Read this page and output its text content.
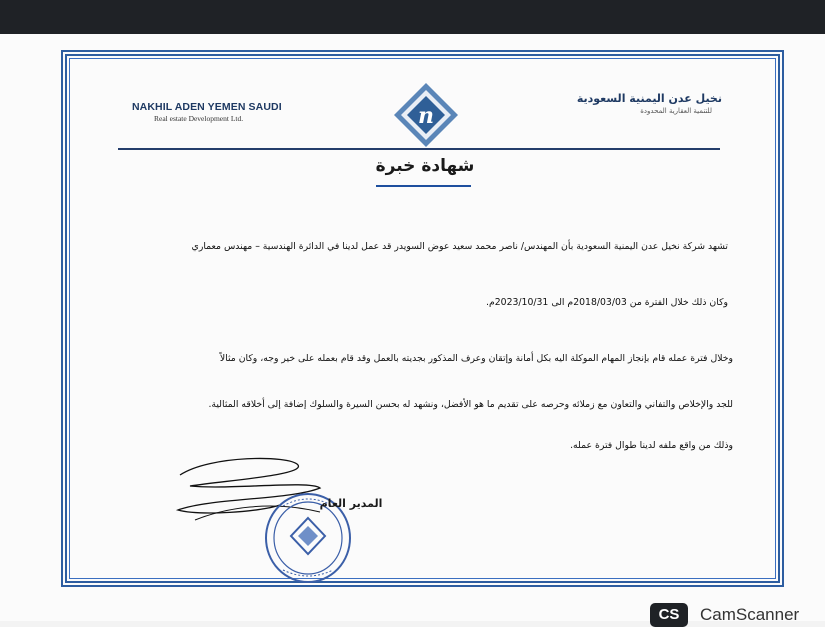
NAKHIL ADEN YEMEN SAUDI
Real estate Development Ltd.	n
نخيل عدن اليمنية السعودية
للتنمية العقارية المحدودة
شهادة خبرة
تشهد شركة نخيل عدن اليمنية السعودية بأن المهندس/ ناصر محمد سعيد عوض السويدر قد عمل لدينا في الدائرة الهندسية – مهندس معماري
وكان ذلك خلال الفترة من 2018/03/03م الى 2023/10/31م.
وخلال فترة عمله قام بإنجاز المهام الموكلة اليه بكل أمانة وإتقان وعرف المذكور بجديته بالعمل وقد قام بعمله على خير وجه، وكان مثالاً
للجد والإخلاص والتفاني والتعاون مع زملائه وحرصه على تقديم ما هو الأفضل، ونشهد له بحسن السيرة والسلوك إضافة إلى أخلاقه المثالية.
وذلك من واقع ملفه لدينا طوال فترة عمله.
المدير العام
CS	CamScanner
